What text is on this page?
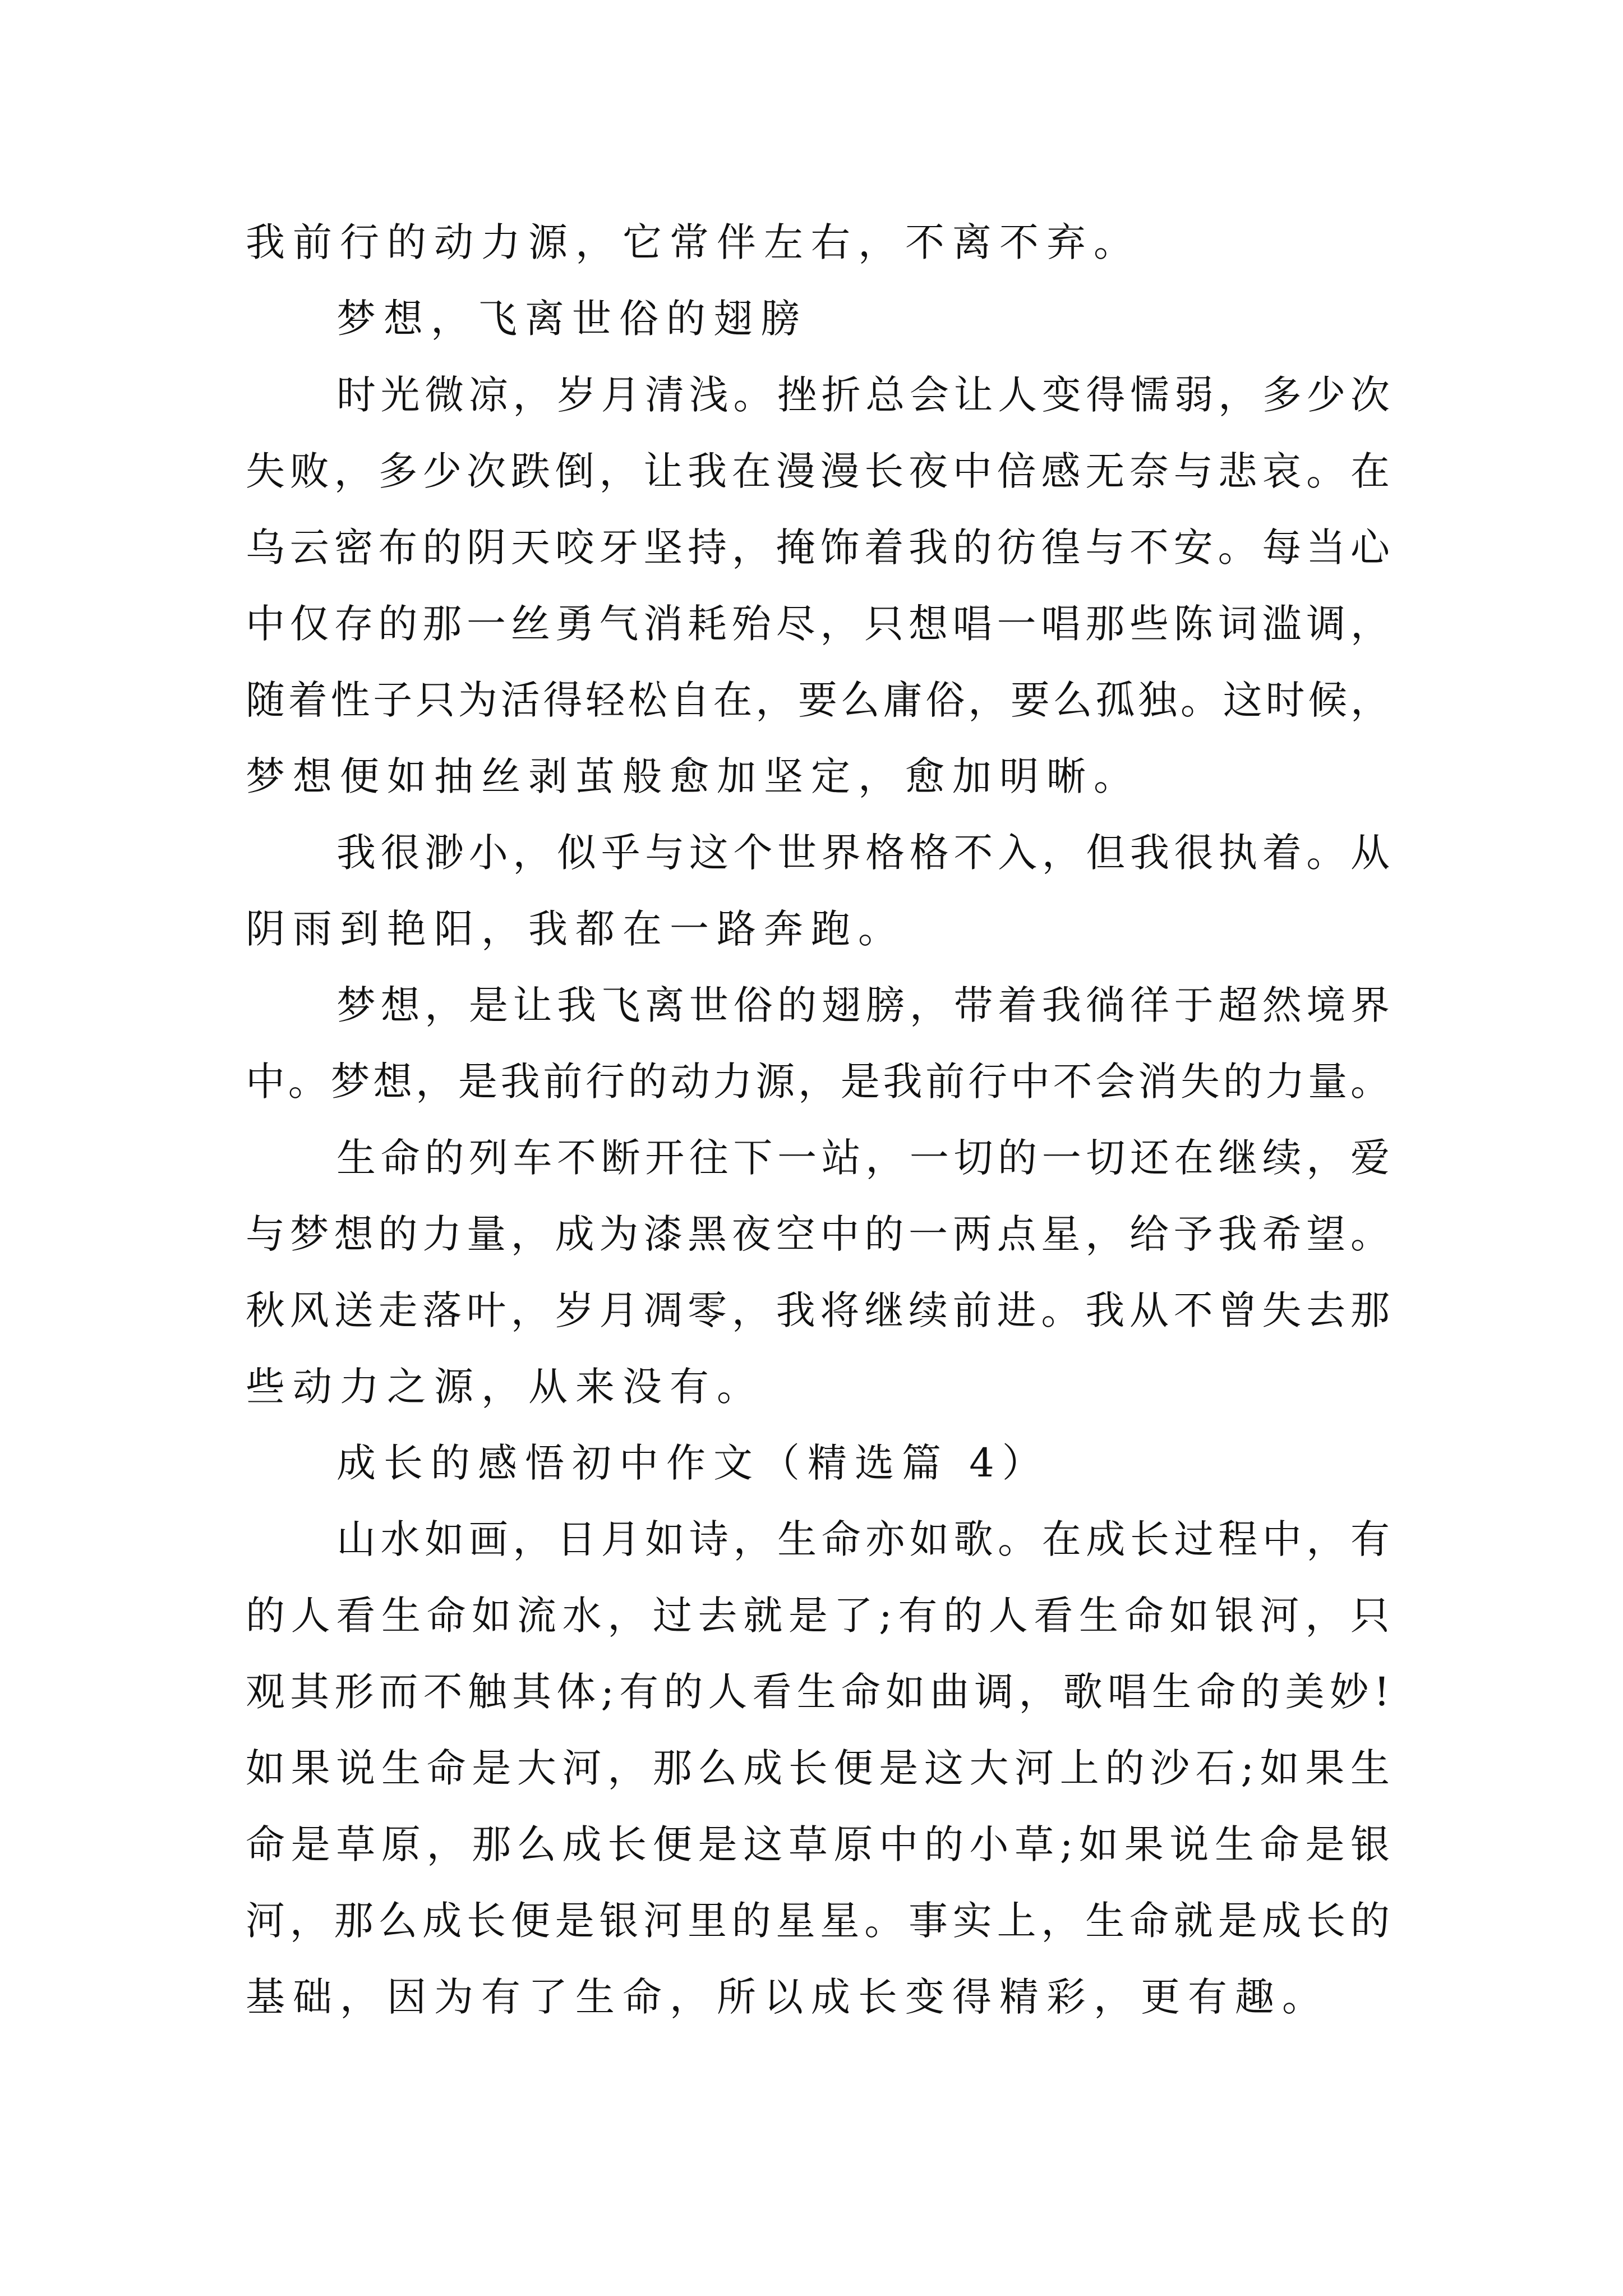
我前行的动力源，它常伴左右，不离不弃。

梦想，飞离世俗的翅膀

时光微凉，岁月清浅。挫折总会让人变得懦弱，多少次

失败，多少次跌倒，让我在漫漫长夜中倍感无奈与悲哀。在

乌云密布的阴天咬牙坚持，掩饰着我的彷徨与不安。每当心

中仅存的那一丝勇气消耗殆尽，只想唱一唱那些陈词滥调，

随着性子只为活得轻松自在，要么庸俗，要么孤独。这时候，

梦想便如抽丝剥茧般愈加坚定，愈加明晰。

我很渺小，似乎与这个世界格格不入，但我很执着。从

阴雨到艳阳，我都在一路奔跑。

梦想，是让我飞离世俗的翅膀，带着我徜徉于超然境界

中。梦想，是我前行的动力源，是我前行中不会消失的力量。

生命的列车不断开往下一站，一切的一切还在继续，爱

与梦想的力量，成为漆黑夜空中的一两点星，给予我希望。

秋风送走落叶，岁月凋零，我将继续前进。我从不曾失去那

些动力之源，从来没有。

成长的感悟初中作文（精选篇 4）

山水如画，日月如诗，生命亦如歌。在成长过程中，有

的人看生命如流水，过去就是了;有的人看生命如银河，只

观其形而不触其体;有的人看生命如曲调，歌唱生命的美妙!

如果说生命是大河，那么成长便是这大河上的沙石;如果生

命是草原，那么成长便是这草原中的小草;如果说生命是银

河，那么成长便是银河里的星星。事实上，生命就是成长的

基础，因为有了生命，所以成长变得精彩，更有趣。
